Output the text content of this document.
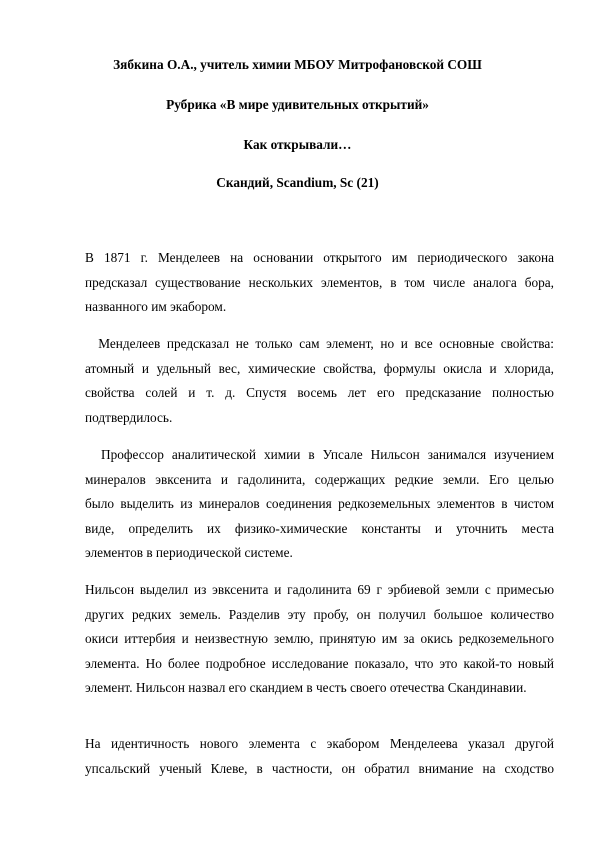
Зябкина О.А., учитель химии МБОУ Митрофановской СОШ
Рубрика «В мире удивительных открытий»
Как открывали…
Скандий, Scandium, Sc (21)
В 1871 г. Менделеев на основании открытого им периодического закона
предсказал существование нескольких элементов, в том числе аналога бора,
названного им экабором.
Менделеев предсказал не только сам элемент, но и все основные свойства:
атомный и удельный вес, химические свойства, формулы окисла и хлорида,
свойства солей и т. д. Спустя восемь лет его предсказание полностью
подтвердилось.
Профессор аналитической химии в Упсале Нильсон занимался изучением
минералов эвксенита и гадолинита, содержащих редкие земли. Его целью
было выделить из минералов соединения редкоземельных элементов в чистом
виде, определить их физико-химические константы и уточнить места
элементов в периодической системе.
Нильсон выделил из эвксенита и гадолинита 69 г эрбиевой земли с примесью
других редких земель. Разделив эту пробу, он получил большое количество
окиси иттербия и неизвестную землю, принятую им за окись редкоземельного
элемента. Но более подробное исследование показало, что это какой-то новый
элемент. Нильсон назвал его скандием в честь своего отечества Скандинавии.
На идентичность нового элемента с экабором Менделеева указал другой
упсальский ученый Клеве, в частности, он обратил внимание на сходство
